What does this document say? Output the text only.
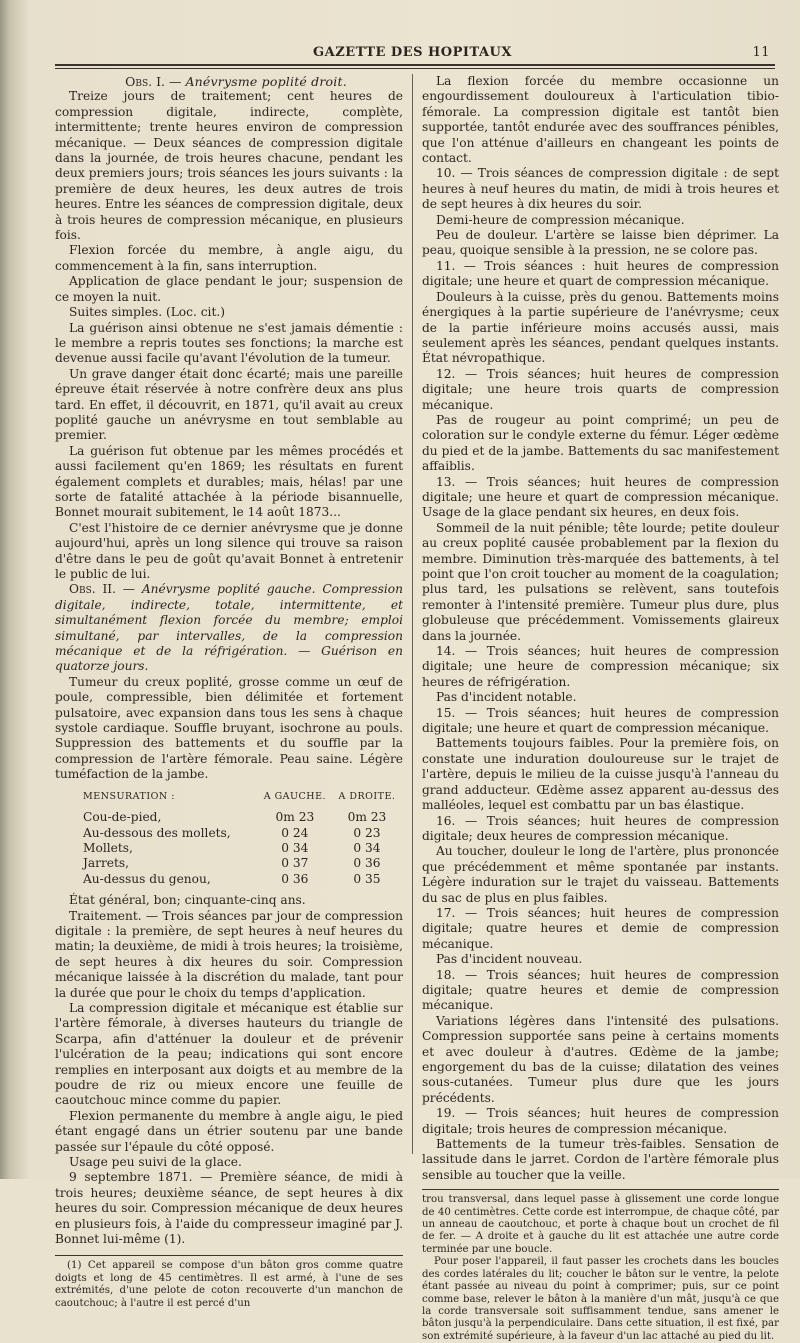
GAZETTE DES HOPITAUX	11

Obs. I. — Anévrysme poplité droit.

Treize jours de traitement; cent heures de compression digitale, indirecte, complète, intermittente; trente heures environ de compression mécanique. — Deux séances de compression digitale dans la journée, de trois heures chacune, pendant les deux premiers jours; trois séances les jours suivants : la première de deux heures, les deux autres de trois heures. Entre les séances de compression digitale, deux à trois heures de compression mécanique, en plusieurs fois.

Flexion forcée du membre, à angle aigu, du commencement à la fin, sans interruption.

Application de glace pendant le jour; suspension de ce moyen la nuit.

Suites simples. (Loc. cit.)

La guérison ainsi obtenue ne s'est jamais démentie : le membre a repris toutes ses fonctions; la marche est devenue aussi facile qu'avant l'évolution de la tumeur.

Un grave danger était donc écarté; mais une pareille épreuve était réservée à notre confrère deux ans plus tard. En effet, il découvrit, en 1871, qu'il avait au creux poplité gauche un anévrysme en tout semblable au premier.

La guérison fut obtenue par les mêmes procédés et aussi facilement qu'en 1869; les résultats en furent également complets et durables; mais, hélas! par une sorte de fatalité attachée à la période bisannuelle, Bonnet mourait subitement, le 14 août 1873...

C'est l'histoire de ce dernier anévrysme que je donne aujourd'hui, après un long silence qui trouve sa raison d'être dans le peu de goût qu'avait Bonnet à entretenir le public de lui.

Obs. II. — Anévrysme poplité gauche. Compression digitale, indirecte, totale, intermittente, et simultanément flexion forcée du membre; emploi simultané, par intervalles, de la compression mécanique et de la réfrigération. — Guérison en quatorze jours.

Tumeur du creux poplité, grosse comme un œuf de poule, compressible, bien délimitée et fortement pulsatoire, avec expansion dans tous les sens à chaque systole cardiaque. Souffle bruyant, isochrone au pouls. Suppression des battements et du souffle par la compression de l'artère fémorale. Peau saine. Légère tuméfaction de la jambe.

MENSURATION :	A GAUCHE.	A DROITE.
Cou-de-pied,	0m 23	0m 23
Au-dessous des mollets,	0 24	0 23
Mollets,	0 34	0 34
Jarrets,	0 37	0 36
Au-dessus du genou,	0 36	0 35

État général, bon; cinquante-cinq ans.

Traitement. — Trois séances par jour de compression digitale : la première, de sept heures à neuf heures du matin; la deuxième, de midi à trois heures; la troisième, de sept heures à dix heures du soir. Compression mécanique laissée à la discrétion du malade, tant pour la durée que pour le choix du temps d'application.

La compression digitale et mécanique est établie sur l'artère fémorale, à diverses hauteurs du triangle de Scarpa, afin d'atténuer la douleur et de prévenir l'ulcération de la peau; indications qui sont encore remplies en interposant aux doigts et au membre de la poudre de riz ou mieux encore une feuille de caoutchouc mince comme du papier.

Flexion permanente du membre à angle aigu, le pied étant engagé dans un étrier soutenu par une bande passée sur l'épaule du côté opposé.

Usage peu suivi de la glace.

9 septembre 1871. — Première séance, de midi à trois heures; deuxième séance, de sept heures à dix heures du soir. Compression mécanique de deux heures en plusieurs fois, à l'aide du compresseur imaginé par J. Bonnet lui-même (1).

(1) Cet appareil se compose d'un bâton gros comme quatre doigts et long de 45 centimètres. Il est armé, à l'une de ses extrémités, d'une pelote de coton recouverte d'un manchon de caoutchouc; à l'autre il est percé d'un

La flexion forcée du membre occasionne un engourdissement douloureux à l'articulation tibio-fémorale. La compression digitale est tantôt bien supportée, tantôt endurée avec des souffrances pénibles, que l'on atténue d'ailleurs en changeant les points de contact.

10. — Trois séances de compression digitale : de sept heures à neuf heures du matin, de midi à trois heures et de sept heures à dix heures du soir.

Demi-heure de compression mécanique.

Peu de douleur. L'artère se laisse bien déprimer. La peau, quoique sensible à la pression, ne se colore pas.

11. — Trois séances : huit heures de compression digitale; une heure et quart de compression mécanique.

Douleurs à la cuisse, près du genou. Battements moins énergiques à la partie supérieure de l'anévrysme; ceux de la partie inférieure moins accusés aussi, mais seulement après les séances, pendant quelques instants. État névropathique.

12. — Trois séances; huit heures de compression digitale; une heure trois quarts de compression mécanique.

Pas de rougeur au point comprimé; un peu de coloration sur le condyle externe du fémur. Léger œdème du pied et de la jambe. Battements du sac manifestement affaiblis.

13. — Trois séances; huit heures de compression digitale; une heure et quart de compression mécanique. Usage de la glace pendant six heures, en deux fois.

Sommeil de la nuit pénible; tête lourde; petite douleur au creux poplité causée probablement par la flexion du membre. Diminution très-marquée des battements, à tel point que l'on croit toucher au moment de la coagulation; plus tard, les pulsations se relèvent, sans toutefois remonter à l'intensité première. Tumeur plus dure, plus globuleuse que précédemment. Vomissements glaireux dans la journée.

14. — Trois séances; huit heures de compression digitale; une heure de compression mécanique; six heures de réfrigération.

Pas d'incident notable.

15. — Trois séances; huit heures de compression digitale; une heure et quart de compression mécanique.

Battements toujours faibles. Pour la première fois, on constate une induration douloureuse sur le trajet de l'artère, depuis le milieu de la cuisse jusqu'à l'anneau du grand adducteur. Œdème assez apparent au-dessus des malléoles, lequel est combattu par un bas élastique.

16. — Trois séances; huit heures de compression digitale; deux heures de compression mécanique.

Au toucher, douleur le long de l'artère, plus prononcée que précédemment et même spontanée par instants. Légère induration sur le trajet du vaisseau. Battements du sac de plus en plus faibles.

17. — Trois séances; huit heures de compression digitale; quatre heures et demie de compression mécanique.

Pas d'incident nouveau.

18. — Trois séances; huit heures de compression digitale; quatre heures et demie de compression mécanique.

Variations légères dans l'intensité des pulsations. Compression supportée sans peine à certains moments et avec douleur à d'autres. Œdème de la jambe; engorgement du bas de la cuisse; dilatation des veines sous-cutanées. Tumeur plus dure que les jours précédents.

19. — Trois séances; huit heures de compression digitale; trois heures de compression mécanique.

Battements de la tumeur très-faibles. Sensation de lassitude dans le jarret. Cordon de l'artère fémorale plus sensible au toucher que la veille.

trou transversal, dans lequel passe à glissement une corde longue de 40 centimètres. Cette corde est interrompue, de chaque côté, par un anneau de caoutchouc, et porte à chaque bout un crochet de fil de fer. — A droite et à gauche du lit est attachée une autre corde terminée par une boucle.

Pour poser l'appareil, il faut passer les crochets dans les boucles des cordes latérales du lit; coucher le bâton sur le ventre, la pelote étant passée au niveau du point à comprimer; puis, sur ce point comme base, relever le bâton à la manière d'un mât, jusqu'à ce que la corde transversale soit suffisamment tendue, sans amener le bâton jusqu'à la perpendiculaire. Dans cette situation, il est fixé, par son extrémité supérieure, à la faveur d'un lac attaché au pied du lit.
